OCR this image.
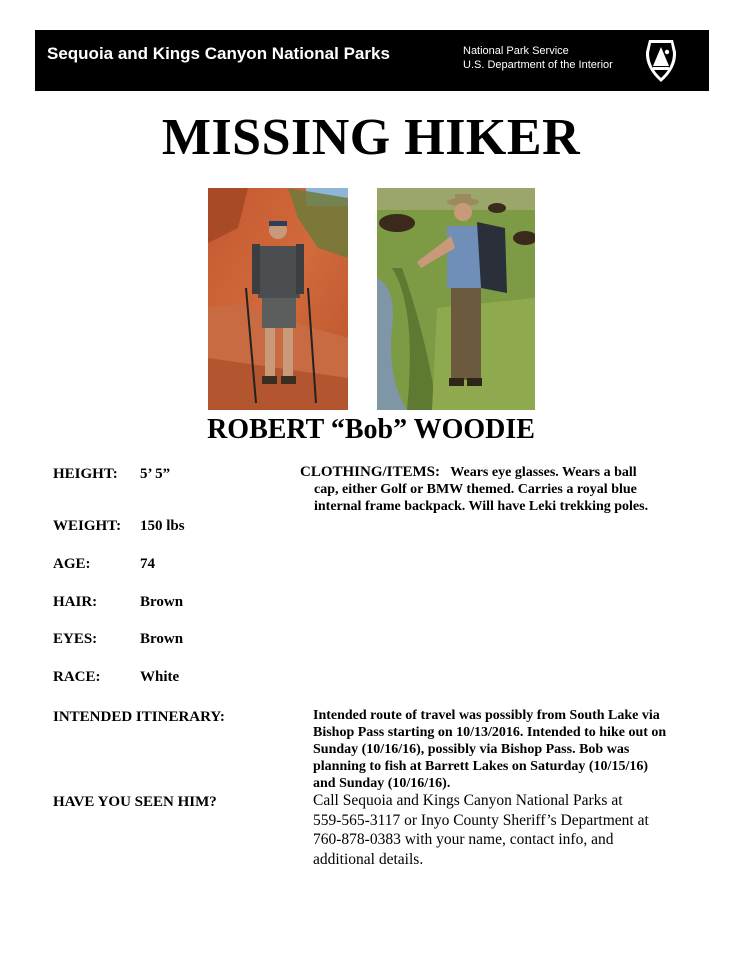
Sequoia and Kings Canyon National Parks	National Park Service
U.S. Department of the Interior
MISSING HIKER
ROBERT “Bob” WOODIE
HEIGHT: 5’ 5”
WEIGHT: 150 lbs
AGE:	74
HAIR:	Brown
EYES:	Brown
RACE:	White
CLOTHING/ITEMS: Wears eye glasses. Wears a ball
cap, either Golf or BMW themed. Carries a royal blue
internal frame backpack. Will have Leki trekking poles.
INTENDED ITINERARY:	Intended route of travel was possibly from South Lake via
Bishop Pass starting on 10/13/2016. Intended to hike out on
Sunday (10/16/16), possibly via Bishop Pass. Bob was
planning to fish at Barrett Lakes on Saturday (10/15/16)
and Sunday (10/16/16).
HAVE YOU SEEN HIM?	Call Sequoia and Kings Canyon National Parks at
559-565-3117 or Inyo County Sheriff’s Department at
760-878-0383 with your name, contact info, and
additional details.
